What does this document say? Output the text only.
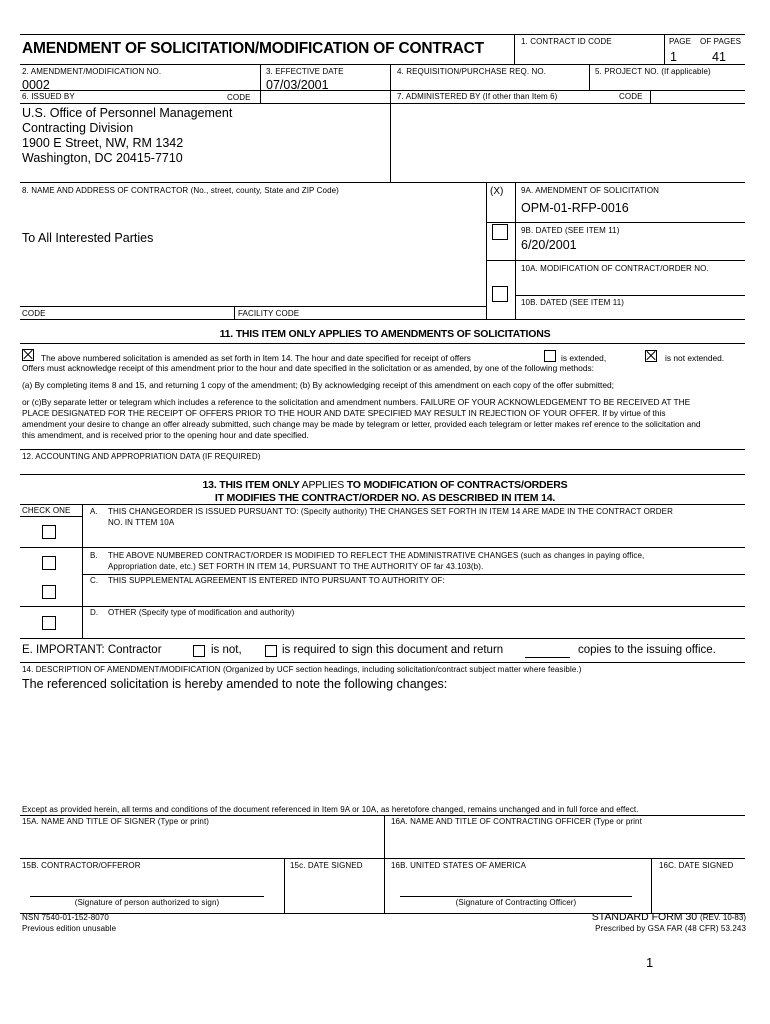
AMENDMENT OF SOLICITATION/MODIFICATION OF CONTRACT	1. CONTRACT ID CODE	PAGE OF PAGES
1	41
2. AMENDMENT/MODIFICATION NO.
0002
3. EFFECTIVE DATE
07/03/2001
4. REQUISITION/PURCHASE REQ. NO.	5. PROJECT NO. (If applicable)
6. ISSUED BY	CODE
U.S. Office of Personnel Management
Contracting Division
1900 E Street, NW, RM 1342
Washington, DC 20415-7710
7. ADMINISTERED BY (If other than Item 6)	CODE
8. NAME AND ADDRESS OF CONTRACTOR (No., street, county, State and ZIP Code)
To All Interested Parties
(X) 9A. AMENDMENT OF SOLICITATION
OPM-01-RFP-0016
9B. DATED (SEE ITEM 11)
6/20/2001
10A. MODIFICATION OF CONTRACT/ORDER NO.
10B. DATED (SEE ITEM 11)
CODE	FACILITY CODE
11. THIS ITEM ONLY APPLIES TO AMENDMENTS OF SOLICITATIONS
The above numbered solicitation is amended as set forth in Item 14. The hour and date specified for receipt of offers	is extended,	is not extended.
Offers must acknowledge receipt of this amendment prior to the hour and date specified in the solicitation or as amended, by one of the following methods:
(a) By completing items 8 and 15, and returning 1 copy of the amendment; (b) By acknowledging receipt of this amendment on each copy of the offer submitted;
or (c)By separate letter or telegram which includes a reference to the solicitation and amendment numbers. FAILURE OF YOUR ACKNOWLEDGEMENT TO BE RECEIVED AT THE
PLACE DESIGNATED FOR THE RECEIPT OF OFFERS PRIOR TO THE HOUR AND DATE SPECIFIED MAY RESULT IN REJECTION OF YOUR OFFER. If by virtue of this
amendment your desire to change an offer already submitted, such change may be made by telegram or letter, provided each telegram or letter makes ref erence to the solicitation and
this amendment, and is received prior to the opening hour and date specified.
12. ACCOUNTING AND APPROPRIATION DATA (IF REQUIRED)
13. THIS ITEM ONLY APPLIES TO MODIFICATION OF CONTRACTS/ORDERS
IT MODIFIES THE CONTRACT/ORDER NO. AS DESCRIBED IN ITEM 14.
CHECK ONE A. THIS CHANGEORDER IS ISSUED PURSUANT TO: (Specify authority) THE CHANGES SET FORTH IN ITEM 14 ARE MADE IN THE CONTRACT ORDER
NO. IN TTEM 10A
B. THE ABOVE NUMBERED CONTRACT/ORDER IS MODIFIED TO REFLECT THE ADMINISTRATIVE CHANGES (such as changes in paying office,
Appropriation date, etc.) SET FORTH IN ITEM 14, PURSUANT TO THE AUTHORITY OF far 43.103(b).
C. THIS SUPPLEMENTAL AGREEMENT IS ENTERED INTO PURSUANT TO AUTHORITY OF:
D. OTHER (Specify type of modification and authority)
E. IMPORTANT: Contractor	is not,	is required to sign this document and return	copies to the issuing office.
14. DESCRIPTION OF AMENDMENT/MODIFICATION (Organized by UCF section headings, including solicitation/contract subject matter where feasible.)
The referenced solicitation is hereby amended to note the following changes:
Except as provided herein, all terms and conditions of the document referenced in Item 9A or 10A, as heretofore changed, remains unchanged and in full force and effect.
15A. NAME AND TITLE OF SIGNER (Type or print)	16A. NAME AND TITLE OF CONTRACTING OFFICER (Type or print
15B. CONTRACTOR/OFFEROR	15c. DATE SIGNED	16B. UNITED STATES OF AMERICA	16C. DATE SIGNED
(Signature of person authorized to sign)	(Signature of Contracting Officer)
NSN 7540-01-152-8070
Previous edition unusable
STANDARD FORM 30 (REV. 10-83)
Prescribed by GSA FAR (48 CFR) 53.243
1
